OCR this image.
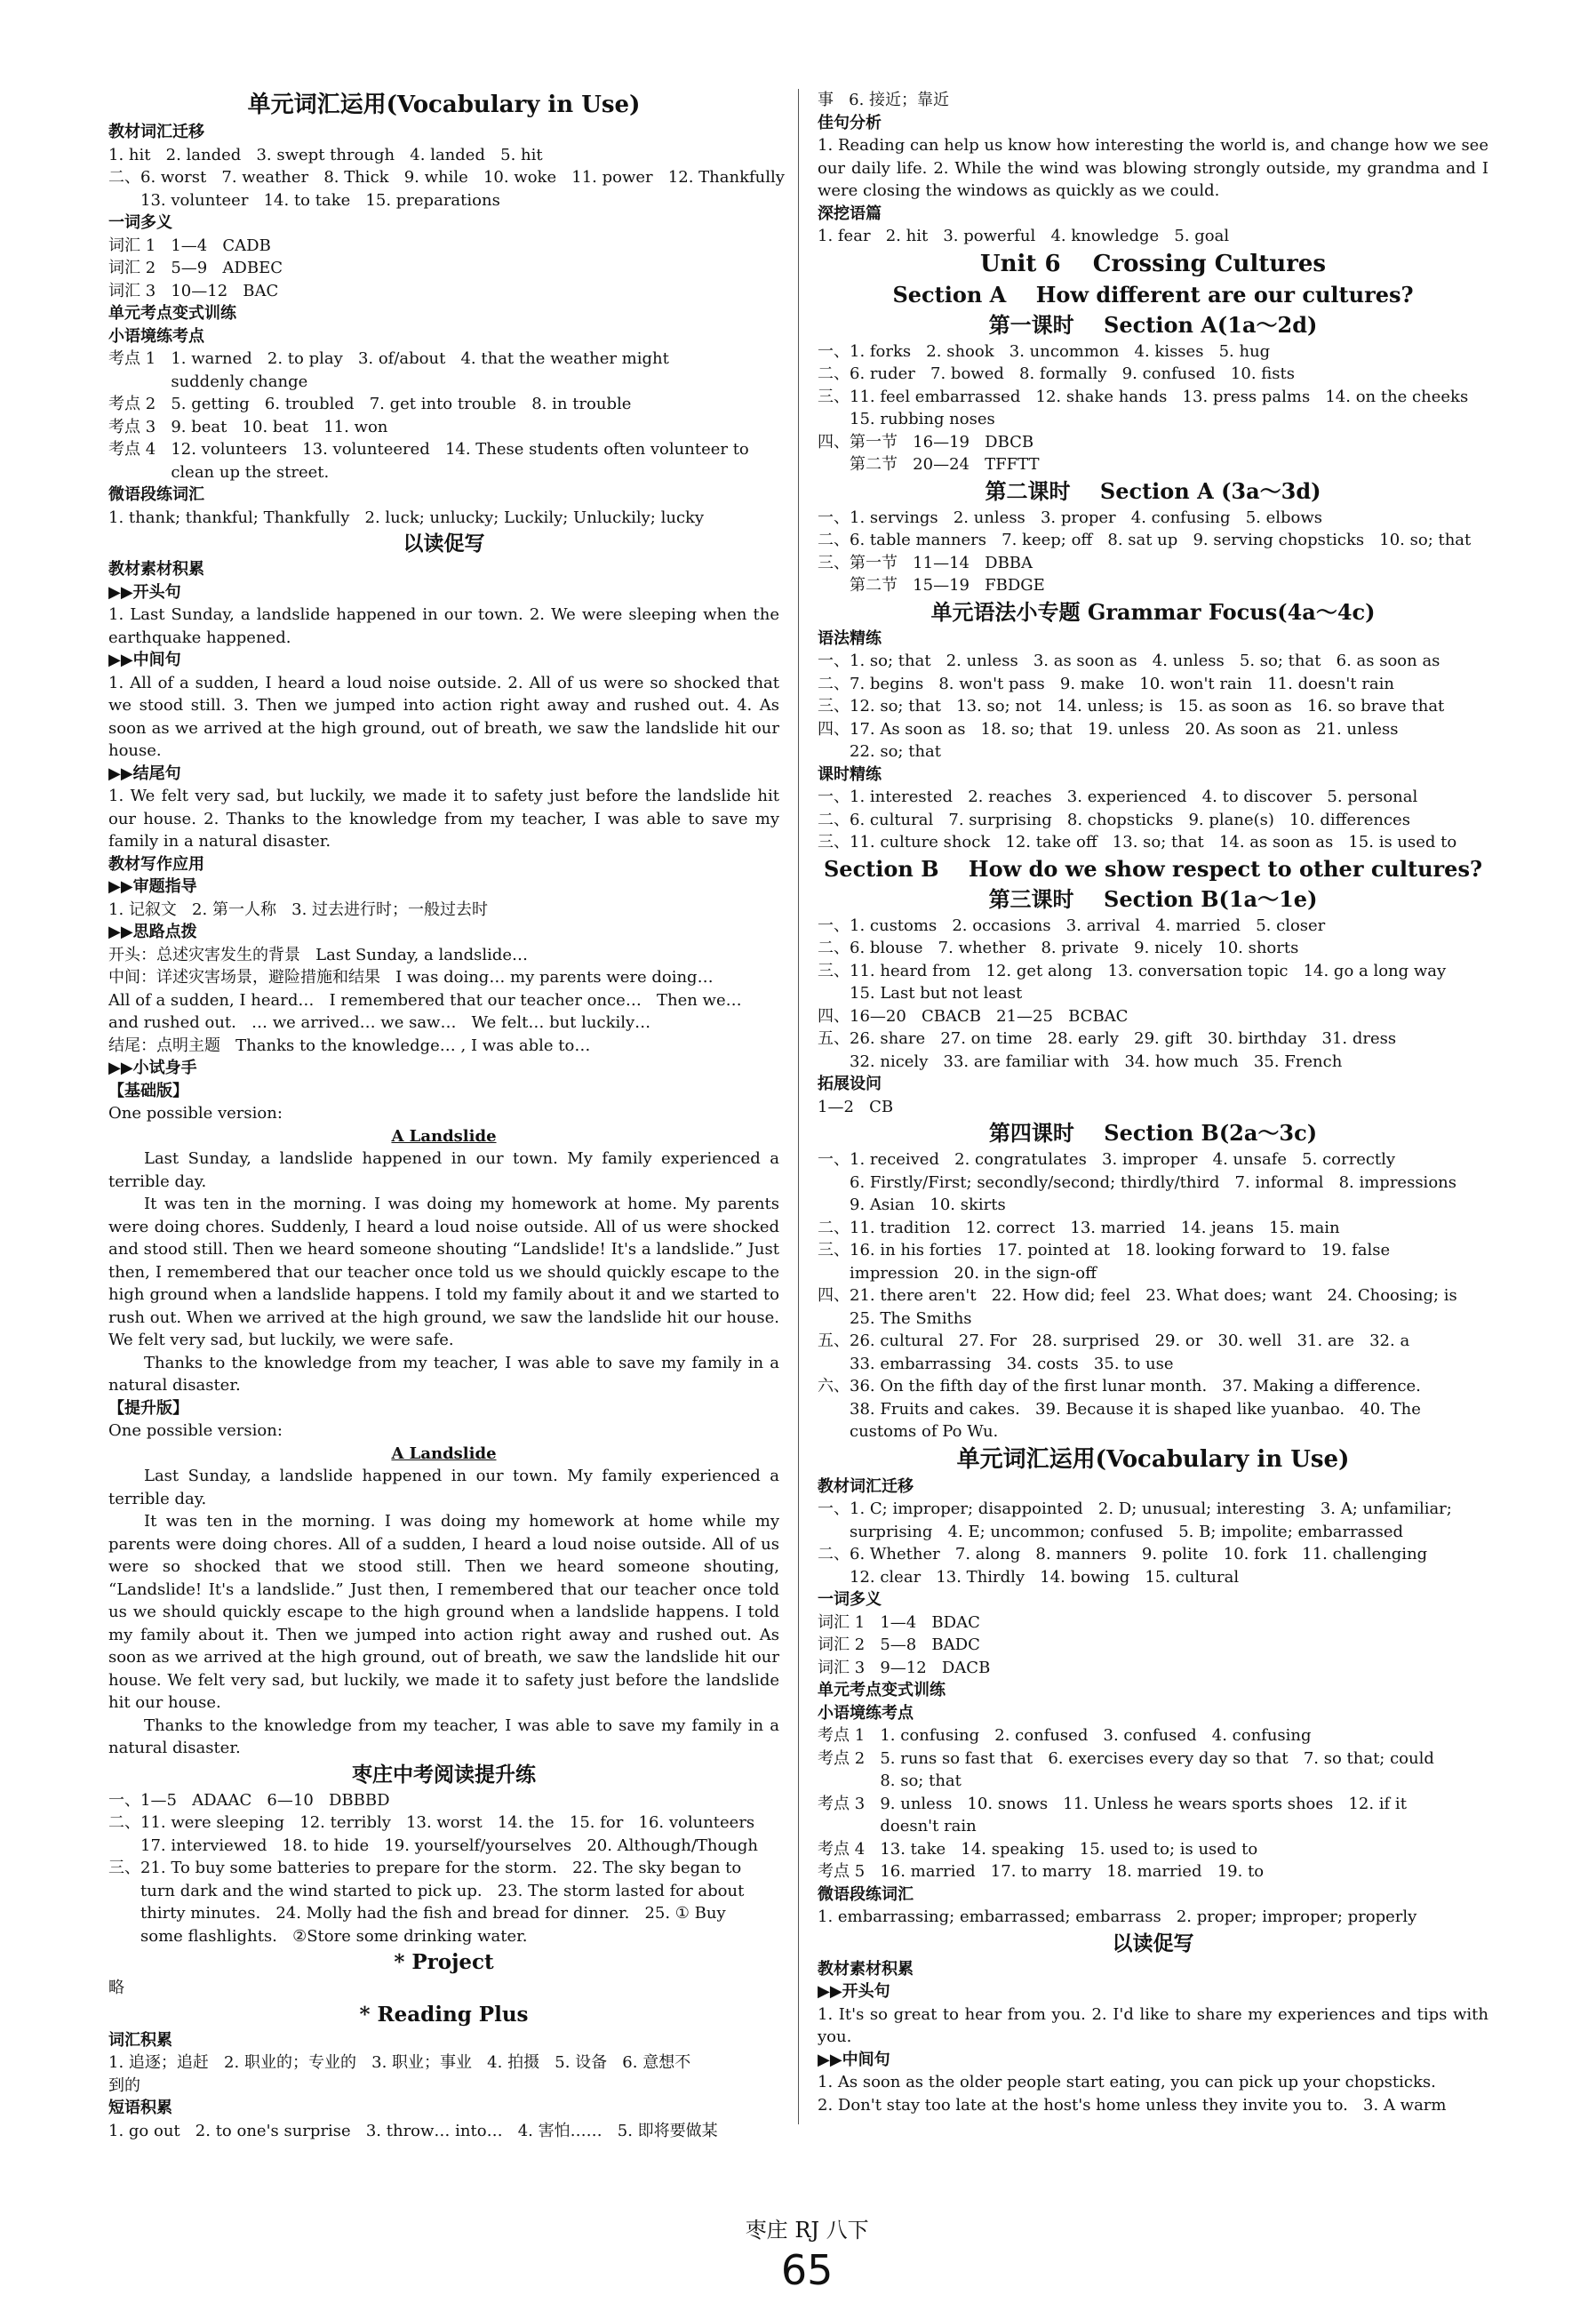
单元词汇运用(Vocabulary in Use)
教材词汇迁移
1. hit   2. landed   3. swept through   4. landed   5. hit
二、6. worst   7. weather   8. Thick   9. while   10. woke   11. power   12. Thankfully
13. volunteer   14. to take   15. preparations
一词多义
词汇 1   1—4   CADB
词汇 2   5—9   ADBEC
词汇 3   10—12   BAC
单元考点变式训练
小语境练考点
考点 1   1. warned   2. to play   3. of/about   4. that the weather might
suddenly change
考点 2   5. getting   6. troubled   7. get into trouble   8. in trouble
考点 3   9. beat   10. beat   11. won
考点 4   12. volunteers   13. volunteered   14. These students often volunteer to
clean up the street.
微语段练词汇
1. thank; thankful; Thankfully   2. luck; unlucky; Luckily; Unluckily; lucky
以读促写
教材素材积累
▶▶开头句
1. Last Sunday, a landslide happened in our town. 2. We were sleeping when the earthquake happened.
▶▶中间句
1. All of a sudden, I heard a loud noise outside. 2. All of us were so shocked that we stood still. 3. Then we jumped into action right away and rushed out. 4. As soon as we arrived at the high ground, out of breath, we saw the landslide hit our house.
▶▶结尾句
1. We felt very sad, but luckily, we made it to safety just before the landslide hit our house. 2. Thanks to the knowledge from my teacher, I was able to save my family in a natural disaster.
教材写作应用
▶▶审题指导
1. 记叙文   2. 第一人称   3. 过去进行时；一般过去时
▶▶思路点拨
开头：总述灾害发生的背景   Last Sunday, a landslide…
中间：详述灾害场景，避险措施和结果   I was doing… my parents were doing…
All of a sudden, I heard…   I remembered that our teacher once…   Then we…
and rushed out.   … we arrived… we saw…   We felt… but luckily…
结尾：点明主题   Thanks to the knowledge… , I was able to…
▶▶小试身手
【基础版】
One possible version:
A Landslide
Last Sunday, a landslide happened in our town. My family experienced a terrible day.
It was ten in the morning. I was doing my homework at home. My parents were doing chores. Suddenly, I heard a loud noise outside. All of us were shocked and stood still. Then we heard someone shouting “Landslide! It's a landslide.” Just then, I remembered that our teacher once told us we should quickly escape to the high ground when a landslide happens. I told my family about it and we started to rush out. When we arrived at the high ground, we saw the landslide hit our house. We felt very sad, but luckily, we were safe.
Thanks to the knowledge from my teacher, I was able to save my family in a natural disaster.
【提升版】
One possible version:
A Landslide
Last Sunday, a landslide happened in our town. My family experienced a terrible day.
It was ten in the morning. I was doing my homework at home while my parents were doing chores. All of a sudden, I heard a loud noise outside. All of us were so shocked that we stood still. Then we heard someone shouting, “Landslide! It's a landslide.” Just then, I remembered that our teacher once told us we should quickly escape to the high ground when a landslide happens. I told my family about it. Then we jumped into action right away and rushed out. As soon as we arrived at the high ground, out of breath, we saw the landslide hit our house. We felt very sad, but luckily, we made it to safety just before the landslide hit our house.
Thanks to the knowledge from my teacher, I was able to save my family in a natural disaster.
枣庄中考阅读提升练
一、1—5   ADAAC   6—10   DBBBD
二、11. were sleeping   12. terribly   13. worst   14. the   15. for   16. volunteers
17. interviewed   18. to hide   19. yourself/yourselves   20. Although/Though
三、21. To buy some batteries to prepare for the storm.   22. The sky began to
turn dark and the wind started to pick up.   23. The storm lasted for about
thirty minutes.   24. Molly had the fish and bread for dinner.   25. ① Buy
some flashlights.   ②Store some drinking water.
* Project
略
* Reading Plus
词汇积累
1. 追逐；追赶   2. 职业的；专业的   3. 职业；事业   4. 拍摄   5. 设备   6. 意想不
到的
短语积累
1. go out   2. to one's surprise   3. throw… into…   4. 害怕……   5. 即将要做某
事   6. 接近；靠近
佳句分析
1. Reading can help us know how interesting the world is, and change how we see our daily life. 2. While the wind was blowing strongly outside, my grandma and I were closing the windows as quickly as we could.
深挖语篇
1. fear   2. hit   3. powerful   4. knowledge   5. goal
Unit 6    Crossing Cultures
Section A    How different are our cultures?
第一课时    Section A(1a～2d)
一、1. forks   2. shook   3. uncommon   4. kisses   5. hug
二、6. ruder   7. bowed   8. formally   9. confused   10. fists
三、11. feel embarrassed   12. shake hands   13. press palms   14. on the cheeks
15. rubbing noses
四、第一节   16—19   DBCB
第二节   20—24   TFFTT
第二课时    Section A (3a～3d)
一、1. servings   2. unless   3. proper   4. confusing   5. elbows
二、6. table manners   7. keep; off   8. sat up   9. serving chopsticks   10. so; that
三、第一节   11—14   DBBA
第二节   15—19   FBDGE
单元语法小专题 Grammar Focus(4a～4c)
语法精练
一、1. so; that   2. unless   3. as soon as   4. unless   5. so; that   6. as soon as
二、7. begins   8. won't pass   9. make   10. won't rain   11. doesn't rain
三、12. so; that   13. so; not   14. unless; is   15. as soon as   16. so brave that
四、17. As soon as   18. so; that   19. unless   20. As soon as   21. unless
22. so; that
课时精练
一、1. interested   2. reaches   3. experienced   4. to discover   5. personal
二、6. cultural   7. surprising   8. chopsticks   9. plane(s)   10. differences
三、11. culture shock   12. take off   13. so; that   14. as soon as   15. is used to
Section B    How do we show respect to other cultures?
第三课时    Section B(1a～1e)
一、1. customs   2. occasions   3. arrival   4. married   5. closer
二、6. blouse   7. whether   8. private   9. nicely   10. shorts
三、11. heard from   12. get along   13. conversation topic   14. go a long way
15. Last but not least
四、16—20   CBACB   21—25   BCBAC
五、26. share   27. on time   28. early   29. gift   30. birthday   31. dress
32. nicely   33. are familiar with   34. how much   35. French
拓展设问
1—2   CB
第四课时    Section B(2a～3c)
一、1. received   2. congratulates   3. improper   4. unsafe   5. correctly
6. Firstly/First; secondly/second; thirdly/third   7. informal   8. impressions
9. Asian   10. skirts
二、11. tradition   12. correct   13. married   14. jeans   15. main
三、16. in his forties   17. pointed at   18. looking forward to   19. false
impression   20. in the sign-off
四、21. there aren't   22. How did; feel   23. What does; want   24. Choosing; is
25. The Smiths
五、26. cultural   27. For   28. surprised   29. or   30. well   31. are   32. a
33. embarrassing   34. costs   35. to use
六、36. On the fifth day of the first lunar month.   37. Making a difference.
38. Fruits and cakes.   39. Because it is shaped like yuanbao.   40. The
customs of Po Wu.
单元词汇运用(Vocabulary in Use)
教材词汇迁移
一、1. C; improper; disappointed   2. D; unusual; interesting   3. A; unfamiliar;
surprising   4. E; uncommon; confused   5. B; impolite; embarrassed
二、6. Whether   7. along   8. manners   9. polite   10. fork   11. challenging
12. clear   13. Thirdly   14. bowing   15. cultural
一词多义
词汇 1   1—4   BDAC
词汇 2   5—8   BADC
词汇 3   9—12   DACB
单元考点变式训练
小语境练考点
考点 1   1. confusing   2. confused   3. confused   4. confusing
考点 2   5. runs so fast that   6. exercises every day so that   7. so that; could
8. so; that
考点 3   9. unless   10. snows   11. Unless he wears sports shoes   12. if it
doesn't rain
考点 4   13. take   14. speaking   15. used to; is used to
考点 5   16. married   17. to marry   18. married   19. to
微语段练词汇
1. embarrassing; embarrassed; embarrass   2. proper; improper; properly
以读促写
教材素材积累
▶▶开头句
1. It's so great to hear from you. 2. I'd like to share my experiences and tips with you.
▶▶中间句
1. As soon as the older people start eating, you can pick up your chopsticks.
2. Don't stay too late at the host's home unless they invite you to.   3. A warm

枣庄 RJ 八下
65
